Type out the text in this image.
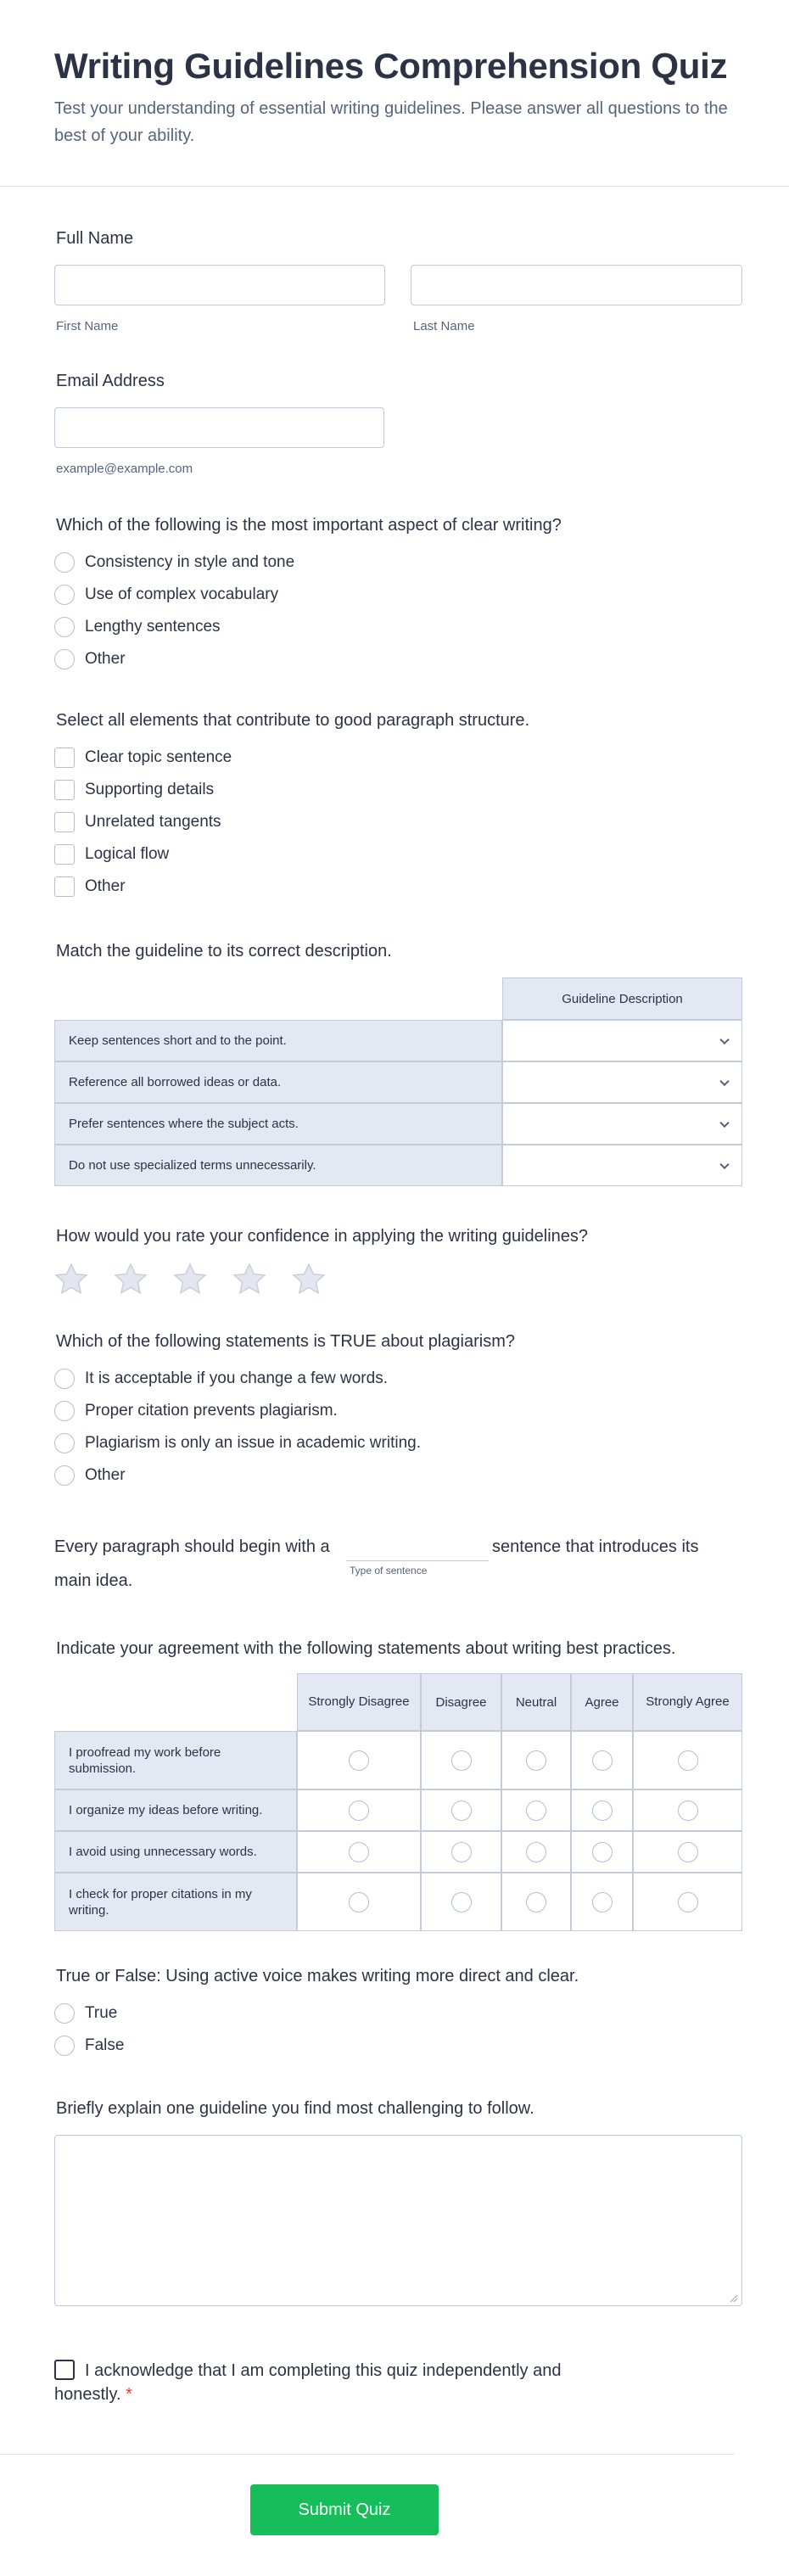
Writing Guidelines Comprehension Quiz

Test your understanding of essential writing guidelines. Please answer all questions to the best of your ability.

Full Name
First Name	Last Name
Email Address
example@example.com
Which of the following is the most important aspect of clear writing?
Consistency in style and tone
Use of complex vocabulary
Lengthy sentences
Other
Select all elements that contribute to good paragraph structure.
Clear topic sentence
Supporting details
Unrelated tangents
Logical flow
Other
Match the guideline to its correct description.
	Guideline Description
Keep sentences short and to the point.	

Reference all borrowed ideas or data.	

Prefer sentences where the subject acts.	

Do not use specialized terms unnecessarily.	
How would you rate your confidence in applying the writing guidelines?
Which of the following statements is TRUE about plagiarism?
It is acceptable if you change a few words.
Proper citation prevents plagiarism.
Plagiarism is only an issue in academic writing.
Other
Every paragraph should begin with a
Type of sentence
sentence that introduces its
main idea.
Indicate your agreement with the following statements about writing best practices.
	Strongly Disagree	Disagree	Neutral	Agree	Strongly Agree
I proofread my work before submission.	

I organize my ideas before writing.	

I avoid using unnecessary words.	

I check for proper citations in my writing.	

True or False: Using active voice makes writing more direct and clear.
True
False
Briefly explain one guideline you find most challenging to follow.
I acknowledge that I am completing this quiz independently and
honestly. *
Submit Quiz
